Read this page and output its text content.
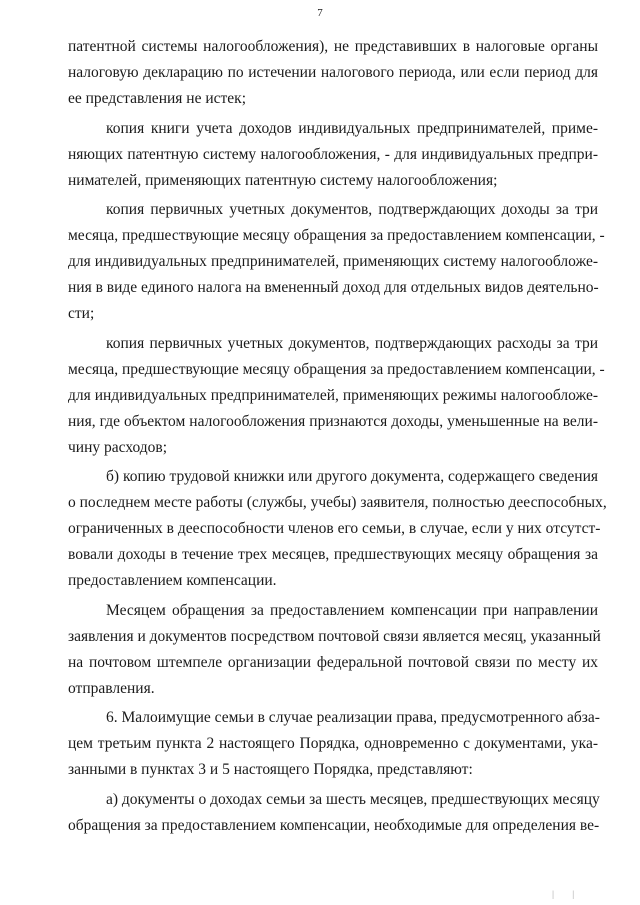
7
патентной системы налогообложения), не представивших в налоговые органы
налоговую декларацию по истечении налогового периода, или если период для
ее представления не истек;
копия книги учета доходов индивидуальных предпринимателей, приме-
няющих патентную систему налогообложения, - для индивидуальных предпри-
нимателей, применяющих патентную систему налогообложения;
копия первичных учетных документов, подтверждающих доходы за три
месяца, предшествующие месяцу обращения за предоставлением компенсации, -
для индивидуальных предпринимателей, применяющих систему налогообложе-
ния в виде единого налога на вмененный доход для отдельных видов деятельно-
сти;
копия первичных учетных документов, подтверждающих расходы за три
месяца, предшествующие месяцу обращения за предоставлением компенсации, -
для индивидуальных предпринимателей, применяющих режимы налогообложе-
ния, где объектом налогообложения признаются доходы, уменьшенные на вели-
чину расходов;
б) копию трудовой книжки или другого документа, содержащего сведения
о последнем месте работы (службы, учебы) заявителя, полностью дееспособных,
ограниченных в дееспособности членов его семьи, в случае, если у них отсутст-
вовали доходы в течение трех месяцев, предшествующих месяцу обращения за
предоставлением компенсации.
Месяцем обращения за предоставлением компенсации при направлении
заявления и документов посредством почтовой связи является месяц, указанный
на почтовом штемпеле организации федеральной почтовой связи по месту их
отправления.
6. Малоимущие семьи в случае реализации права, предусмотренного абза-
цем третьим пункта 2 настоящего Порядка, одновременно с документами, ука-
занными в пунктах 3 и 5 настоящего Порядка, представляют:
а) документы о доходах семьи за шесть месяцев, предшествующих месяцу
обращения за предоставлением компенсации, необходимые для определения ве-
| |
